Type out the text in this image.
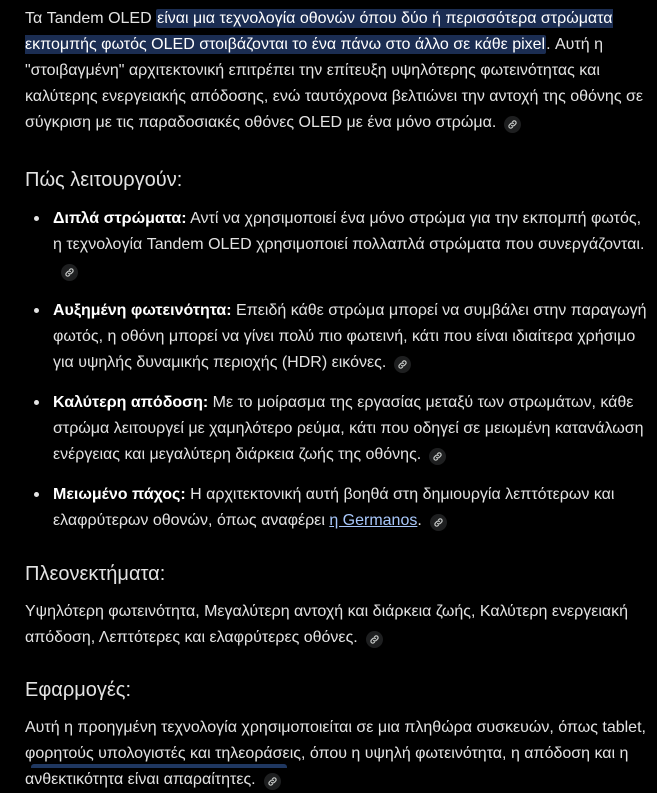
Τα Tandem OLED είναι μια τεχνολογία οθονών όπου δύο ή περισσότερα στρώματα εκπομπής φωτός OLED στοιβάζονται το ένα πάνω στο άλλο σε κάθε pixel. Αυτή η "στοιβαγμένη" αρχιτεκτονική επιτρέπει την επίτευξη υψηλότερης φωτεινότητας και καλύτερης ενεργειακής απόδοσης, ενώ ταυτόχρονα βελτιώνει την αντοχή της οθόνης σε σύγκριση με τις παραδοσιακές οθόνες OLED με ένα μόνο στρώμα.

Πώς λειτουργούν:
Διπλά στρώματα: Αντί να χρησιμοποιεί ένα μόνο στρώμα για την εκπομπή φωτός, η τεχνολογία Tandem OLED χρησιμοποιεί πολλαπλά στρώματα που συνεργάζονται.
Αυξημένη φωτεινότητα: Επειδή κάθε στρώμα μπορεί να συμβάλει στην παραγωγή φωτός, η οθόνη μπορεί να γίνει πολύ πιο φωτεινή, κάτι που είναι ιδιαίτερα χρήσιμο για υψηλής δυναμικής περιοχής (HDR) εικόνες.
Καλύτερη απόδοση: Με το μοίρασμα της εργασίας μεταξύ των στρωμάτων, κάθε στρώμα λειτουργεί με χαμηλότερο ρεύμα, κάτι που οδηγεί σε μειωμένη κατανάλωση ενέργειας και μεγαλύτερη διάρκεια ζωής της οθόνης.
Μειωμένο πάχος: Η αρχιτεκτονική αυτή βοηθά στη δημιουργία λεπτότερων και ελαφρύτερων οθονών, όπως αναφέρει η Germanos.
Πλεονεκτήματα:

Υψηλότερη φωτεινότητα, Μεγαλύτερη αντοχή και διάρκεια ζωής, Καλύτερη ενεργειακή απόδοση, Λεπτότερες και ελαφρύτερες οθόνες.

Εφαρμογές:

Αυτή η προηγμένη τεχνολογία χρησιμοποιείται σε μια πληθώρα συσκευών, όπως tablet, φορητούς υπολογιστές και τηλεοράσεις, όπου η υψηλή φωτεινότητα, η απόδοση και η ανθεκτικότητα είναι απαραίτητες.
